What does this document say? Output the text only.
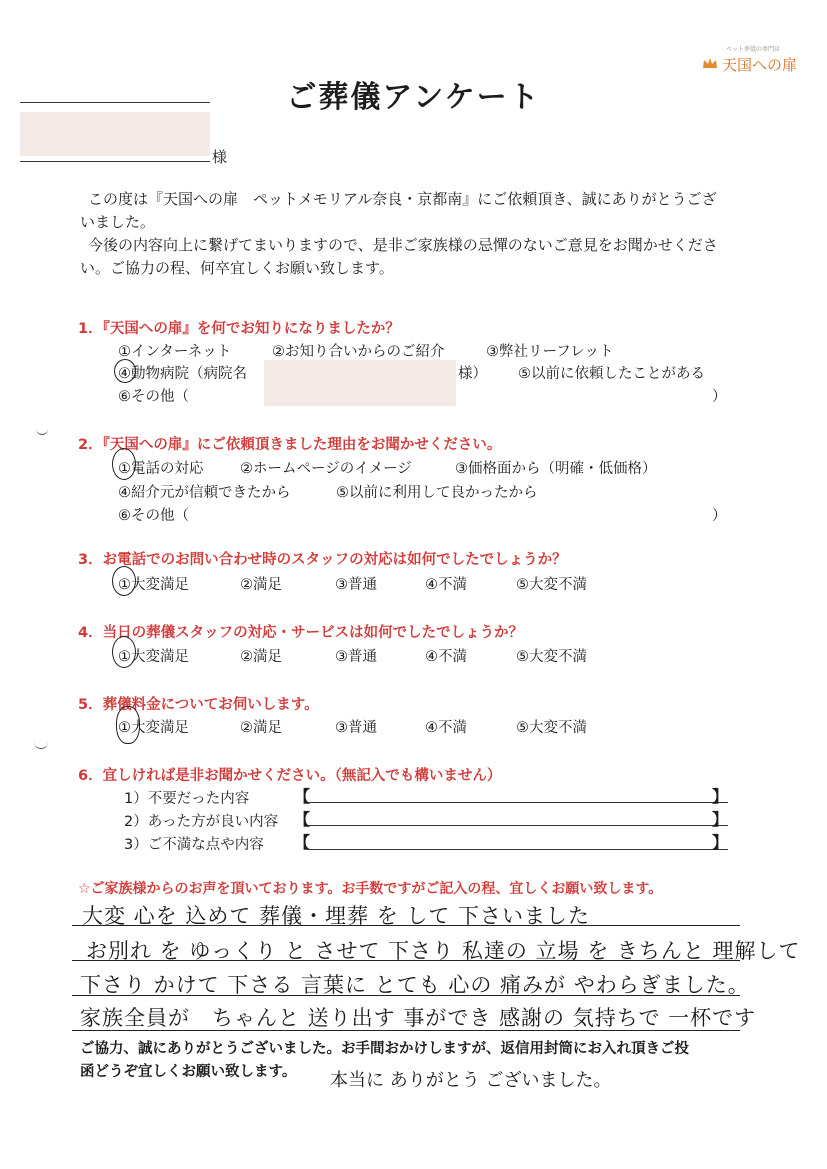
ペット葬儀の専門店
天国への扉
ご葬儀アンケート
様

この度は『天国への扉　ペットメモリアル奈良・京都南』にご依頼頂き、誠にありがとうござ

いました。

今後の内容向上に繋げてまいりますので、是非ご家族様の忌憚のないご意見をお聞かせくださ

い。ご協力の程、何卒宜しくお願い致します。

1．『天国への扉』を何でお知りになりましたか？
①インターネット	②お知り合いからのご紹介	③弊社リーフレット
④動物病院（病院名	様） ⑤以前に依頼したことがある
⑥その他（	）
2．『天国への扉』にご依頼頂きました理由をお聞かせください。
①電話の対応	②ホームページのイメージ	③価格面から（明確・低価格）
④紹介元が信頼できたから	⑤以前に利用して良かったから
⑥その他（	）
3．お電話でのお問い合わせ時のスタッフの対応は如何でしたでしょうか？
①大変満足	②満足	③普通	④不満	⑤大変不満
4．当日の葬儀スタッフの対応・サービスは如何でしたでしょうか？
①大変満足	②満足	③普通	④不満	⑤大変不満
5．葬儀料金についてお伺いします。
①大変満足	②満足	③普通	④不満	⑤大変不満
6．宜しければ是非お聞かせください。（無記入でも構いません）
1）不要だった内容	【	】
2）あった方が良い内容 【	】
3）ご不満な点や内容 【	】
☆ご家族様からのお声を頂いております。お手数ですがご記入の程、宜しくお願い致します。
大変 心を 込めて 葬儀・埋葬 を して 下さいました
お別れ を ゆっくり と させて 下さり 私達の 立場 を きちんと 理解して
下さり かけて 下さる 言葉に とても 心の 痛みが やわらぎました。
家族全員が　ちゃんと 送り出す 事ができ 感謝の 気持ちで 一杯です

ご協力、誠にありがとうございました。お手間おかけしますが、返信用封筒にお入れ頂きご投

函どうぞ宜しくお願い致します。	本当に ありがとう ございました。
